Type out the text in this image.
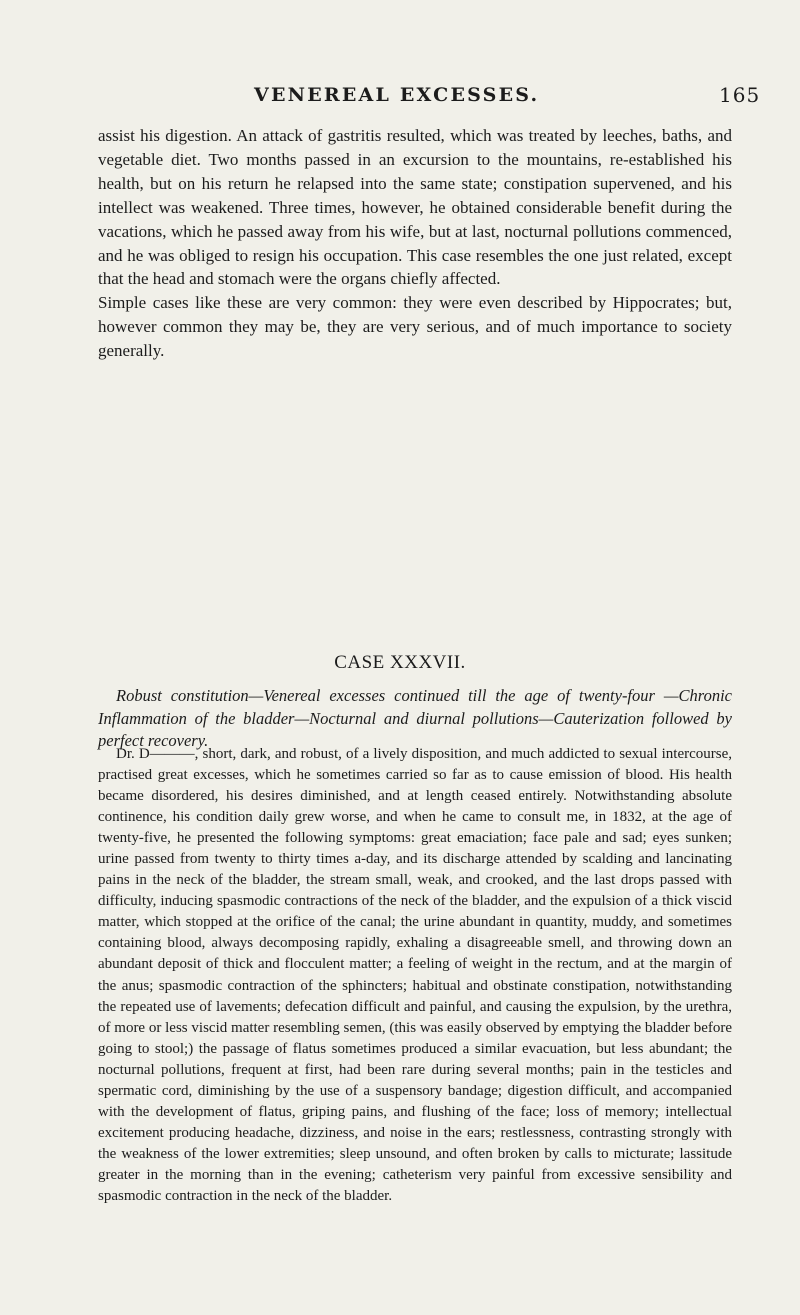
VENEREAL EXCESSES.	165

assist his digestion. An attack of gastritis resulted, which was treated by leeches, baths, and vegetable diet. Two months passed in an excursion to the mountains, re-established his health, but on his return he relapsed into the same state; constipation supervened, and his intellect was weakened. Three times, however, he obtained considerable benefit during the vacations, which he passed away from his wife, but at last, nocturnal pollutions commenced, and he was obliged to resign his occupation. This case resembles the one just related, except that the head and stomach were the organs chiefly affected.

Simple cases like these are very common: they were even described by Hippocrates; but, however common they may be, they are very serious, and of much importance to society generally.

CASE XXXVII.
Robust constitution—Venereal excesses continued till the age of twenty-four —Chronic Inflammation of the bladder—Nocturnal and diurnal pollutions—Cauterization followed by perfect recovery.
Dr. D———, short, dark, and robust, of a lively disposition, and much addicted to sexual intercourse, practised great excesses, which he sometimes carried so far as to cause emission of blood. His health became disordered, his desires diminished, and at length ceased entirely. Notwithstanding absolute continence, his condition daily grew worse, and when he came to consult me, in 1832, at the age of twenty-five, he presented the following symptoms: great emaciation; face pale and sad; eyes sunken; urine passed from twenty to thirty times a-day, and its discharge attended by scalding and lancinating pains in the neck of the bladder, the stream small, weak, and crooked, and the last drops passed with difficulty, inducing spasmodic contractions of the neck of the bladder, and the expulsion of a thick viscid matter, which stopped at the orifice of the canal; the urine abundant in quantity, muddy, and sometimes containing blood, always decomposing rapidly, exhaling a disagreeable smell, and throwing down an abundant deposit of thick and flocculent matter; a feeling of weight in the rectum, and at the margin of the anus; spasmodic contraction of the sphincters; habitual and obstinate constipation, notwithstanding the repeated use of lavements; defecation difficult and painful, and causing the expulsion, by the urethra, of more or less viscid matter resembling semen, (this was easily observed by emptying the bladder before going to stool;) the passage of flatus sometimes produced a similar evacuation, but less abundant; the nocturnal pollutions, frequent at first, had been rare during several months; pain in the testicles and spermatic cord, diminishing by the use of a suspensory bandage; digestion difficult, and accompanied with the development of flatus, griping pains, and flushing of the face; loss of memory; intellectual excitement producing headache, dizziness, and noise in the ears; restlessness, contrasting strongly with the weakness of the lower extremities; sleep unsound, and often broken by calls to micturate; lassitude greater in the morning than in the evening; catheterism very painful from excessive sensibility and spasmodic contraction in the neck of the bladder.
